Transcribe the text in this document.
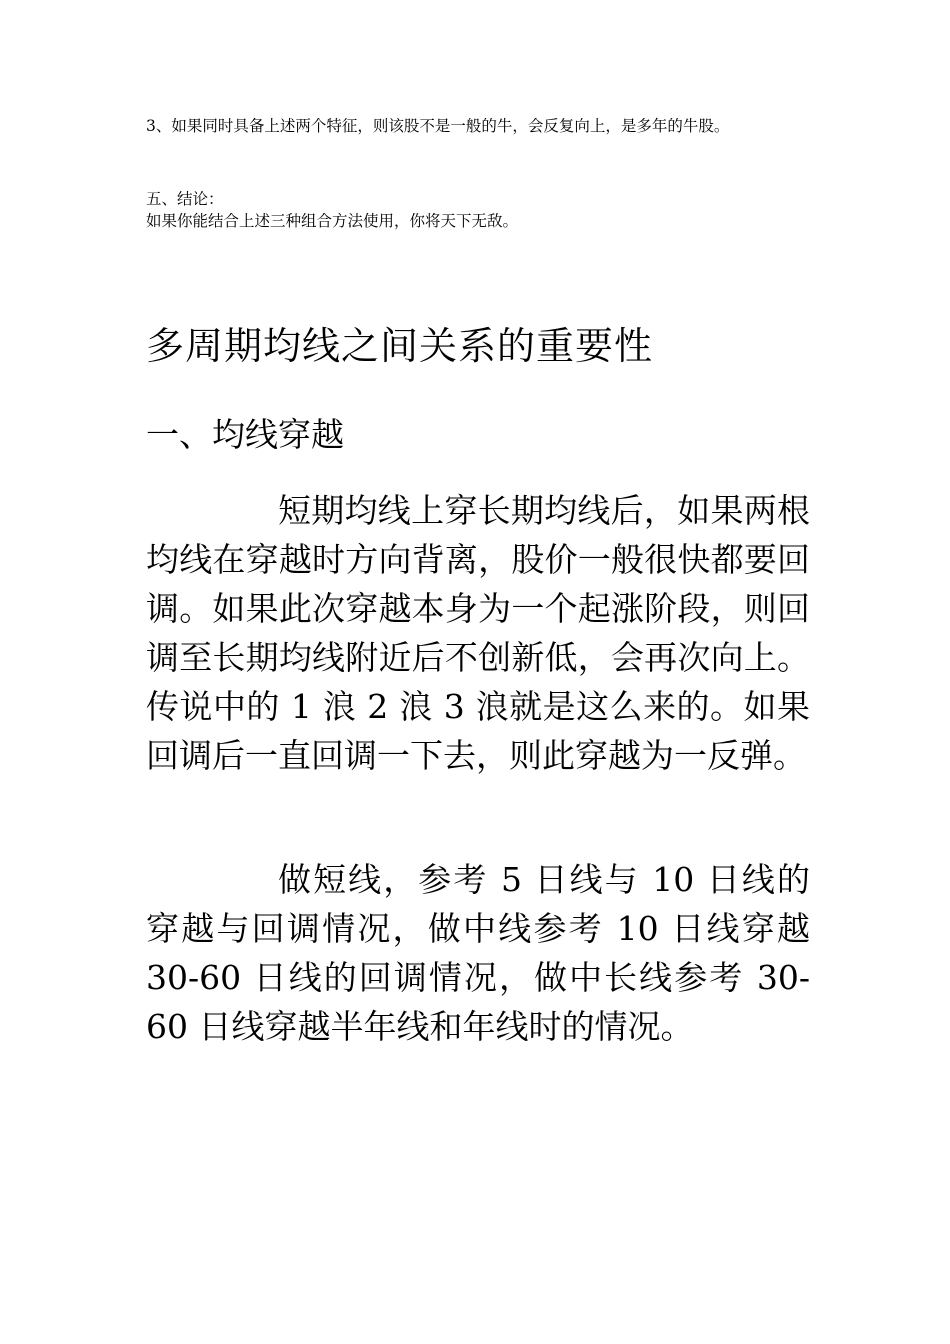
3、如果同时具备上述两个特征，则该股不是一般的牛，会反复向上，是多年的牛股。

五、结论：

如果你能结合上述三种组合方法使用，你将天下无敌。

多周期均线之间关系的重要性
一、均线穿越

短期均线上穿长期均线后，如果两根均线在穿越时方向背离，股价一般很快都要回调。如果此次穿越本身为一个起涨阶段，则回调至长期均线附近后不创新低，会再次向上。传说中的 1 浪 2 浪 3 浪就是这么来的。如果回调后一直回调一下去，则此穿越为一反弹。

做短线，参考 5 日线与 10 日线的穿越与回调情况，做中线参考 10 日线穿越 30-60 日线的回调情况，做中长线参考 30-60 日线穿越半年线和年线时的情况。
